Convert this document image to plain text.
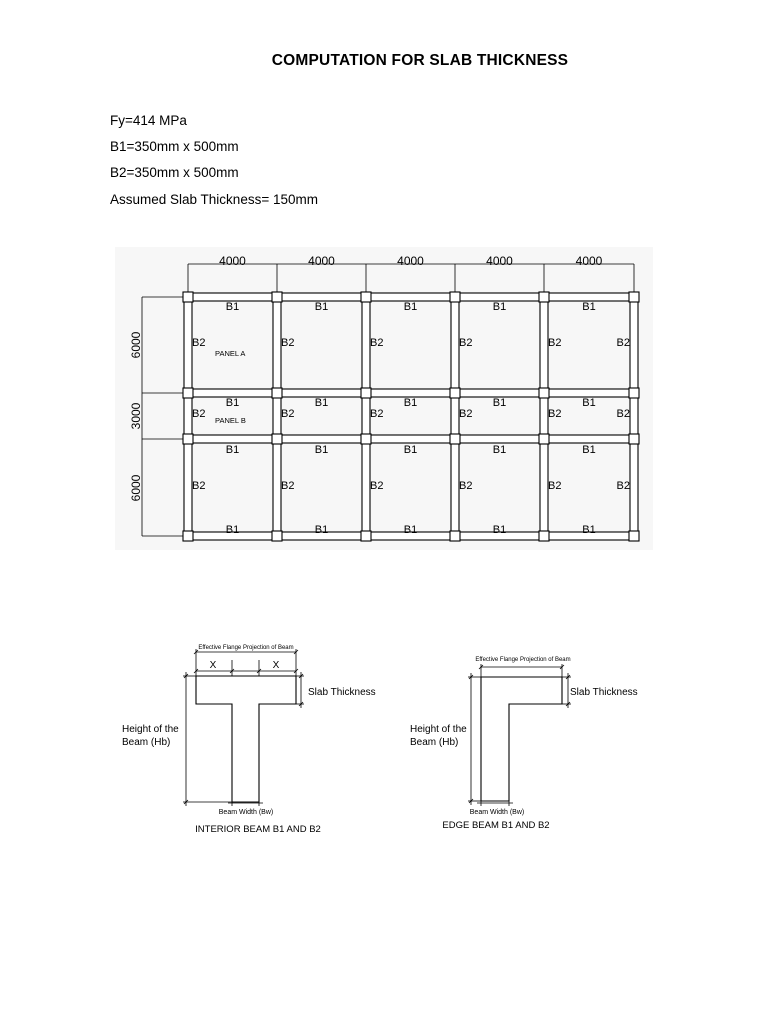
COMPUTATION FOR SLAB THICKNESS
Fy=414 MPa
B1=350mm x 500mm
B2=350mm x 500mm
Assumed Slab Thickness= 150mm
4000	4000	4000	4000	4000
6000
3000
6000
B1	B1	B1	B1	B1
B1	B1	B1	B1	B1
B1	B1	B1	B1	B1
B1	B1	B1	B1	B1
B2	B2	B2	B2	B2	B2
B2	B2	B2	B2	B2	B2
B2	B2	B2	B2	B2	B2
PANEL A
PANEL B
Effective Flange Projection of Beam
X	X
Slab Thickness
Height of the
Beam (Hb)
Beam Width (Bw)
INTERIOR BEAM B1 AND B2
Effective Flange Projection of Beam
Slab Thickness
Height of the
Beam (Hb)
Beam Width (Bw)
EDGE BEAM B1 AND B2
